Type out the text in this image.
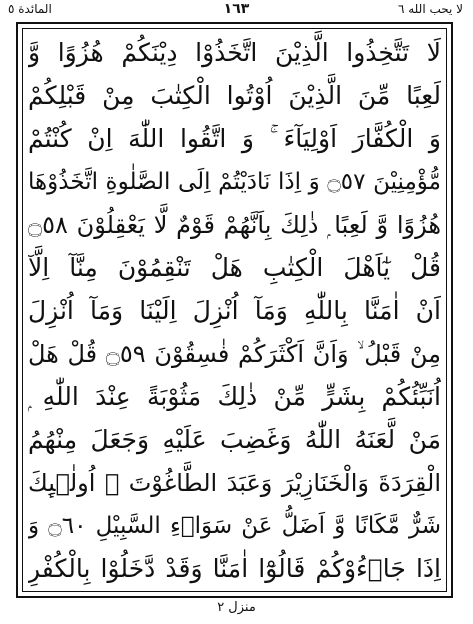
المائدة ٥	١٦٣	لا يحب الله ٦
لَا تَتَّخِذُوا الَّذِيْنَ اتَّخَذُوْا دِيْنَكُمْ هُزُوًا وَّ
لَعِبًا مِّنَ الَّذِيْنَ اُوْتُوا الْكِتٰبَ مِنْ قَبْلِكُمْ
وَ الْكُفَّارَ اَوْلِيَآءَ ۚ وَ اتَّقُوا اللّٰهَ اِنْ كُنْتُمْ
مُّؤْمِنِيْنَ ۝٥٧ وَ اِذَا نَادَيْتُمْ اِلَى الصَّلٰوةِ اتَّخَذُوْهَا
هُزُوًا وَّ لَعِبًا ۭ ذٰلِكَ بِاَنَّهُمْ قَوْمٌ لَّا يَعْقِلُوْنَ ۝٥٨
قُلْ يٰٓاَهْلَ الْكِتٰبِ هَلْ تَنْقِمُوْنَ مِنَّآ اِلَّآ
اَنْ اٰمَنَّا بِاللّٰهِ وَمَآ اُنْزِلَ اِلَيْنَا وَمَآ اُنْزِلَ
مِنْ قَبْلُ ۙ وَاَنَّ اَكْثَرَكُمْ فٰسِقُوْنَ ۝٥٩ قُلْ هَلْ
اُنَبِّئُكُمْ بِشَرٍّ مِّنْ ذٰلِكَ مَثُوْبَةً عِنْدَ اللّٰهِ ۭ
مَنْ لَّعَنَهُ اللّٰهُ وَغَضِبَ عَلَيْهِ وَجَعَلَ مِنْهُمُ
الْقِرَدَةَ وَالْخَنَازِيْرَ وَعَبَدَ الطَّاغُوْتَ ۭ اُولٰۗىِٕكَ
شَرٌّ مَّكَانًا وَّ اَضَلُّ عَنْ سَوَاۗءِ السَّبِيْلِ ۝٦٠ وَ
اِذَا جَاۗءُوْكُمْ قَالُوْٓا اٰمَنَّا وَقَدْ دَّخَلُوْا بِالْكُفْرِ
منزل ٢
